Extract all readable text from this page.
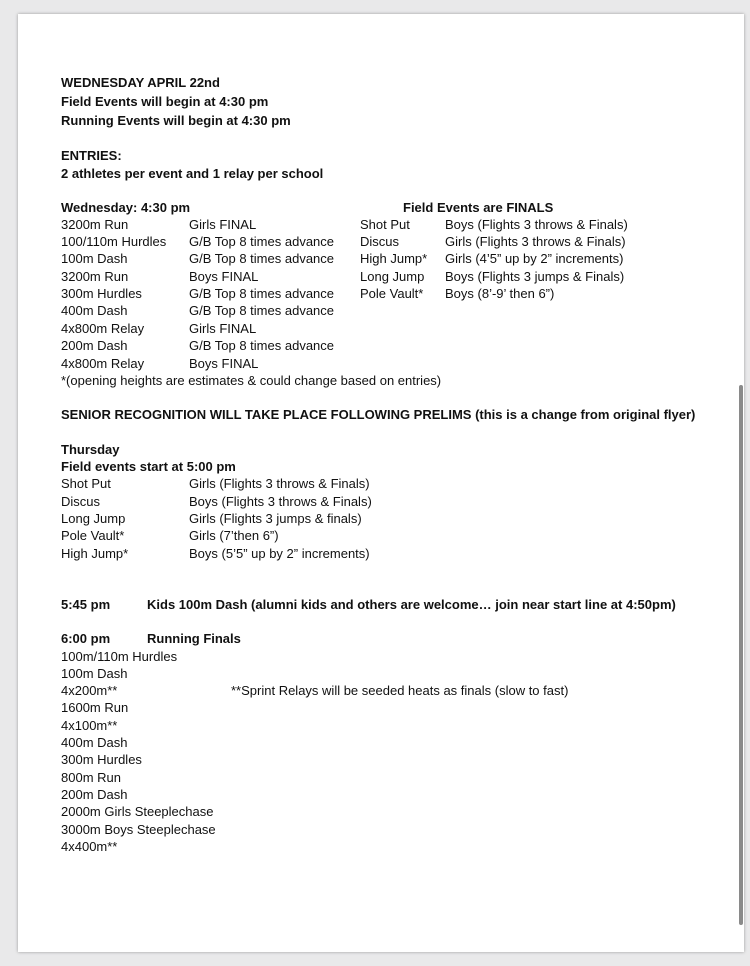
WEDNESDAY APRIL 22nd
Field Events will begin at 4:30 pm
Running Events will begin at 4:30 pm
ENTRIES:
2 athletes per event and 1 relay per school
Wednesday: 4:30 pm	Field Events are FINALS
3200m Run	Girls FINAL
100/110m Hurdles G/B Top 8 times advance
100m Dash	G/B Top 8 times advance
3200m Run	Boys FINAL
300m Hurdles	G/B Top 8 times advance
400m Dash	G/B Top 8 times advance
4x800m Relay	Girls FINAL
200m Dash	G/B Top 8 times advance
4x800m Relay	Boys FINAL
Shot Put	Boys (Flights 3 throws & Finals)
Discus	Girls (Flights 3 throws & Finals)
High Jump* Girls (4’5” up by 2” increments)
Long Jump Boys (Flights 3 jumps & Finals)
Pole Vault* Boys (8’-9’ then 6”)
*(opening heights are estimates & could change based on entries)
SENIOR RECOGNITION WILL TAKE PLACE FOLLOWING PRELIMS (this is a change from original flyer)
Thursday
Field events start at 5:00 pm
Shot Put	Girls (Flights 3 throws & Finals)
Discus	Boys (Flights 3 throws & Finals)
Long Jump	Girls (Flights 3 jumps & finals)
Pole Vault*	Girls (7’then 6”)
High Jump*	Boys (5’5” up by 2” increments)
5:45 pm	Kids 100m Dash (alumni kids and others are welcome… join near start line at 4:50pm)
6:00 pm	Running Finals
100m/110m Hurdles
100m Dash
4x200m**
1600m Run
4x100m**
400m Dash
300m Hurdles
800m Run
200m Dash
2000m Girls Steeplechase
3000m Boys Steeplechase
4x400m**
**Sprint Relays will be seeded heats as finals (slow to fast)
